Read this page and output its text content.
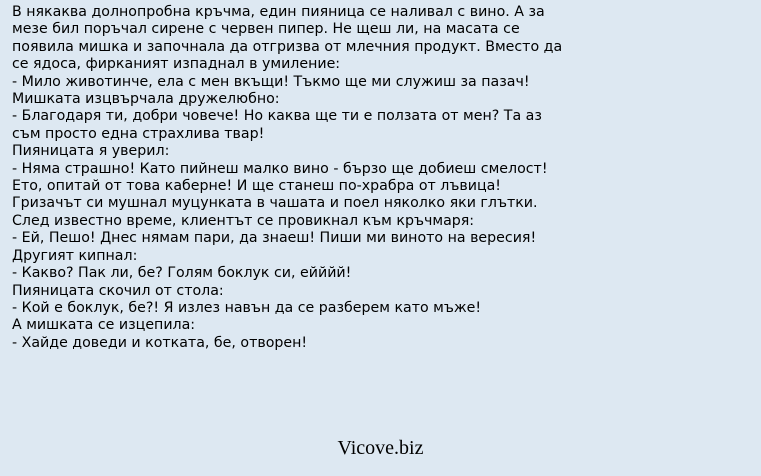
В някаква долнопробна кръчма, един пияница се наливал с вино. А за
мезе бил поръчал сирене с червен пипер. Не щеш ли, на масата се
появила мишка и започнала да отгризва от млечния продукт. Вместо да
се ядоса, фирканият изпаднал в умиление:
- Мило животинче, ела с мен вкъщи! Тъкмо ще ми служиш за пазач!
Мишката изцвърчала дружелюбно:
- Благодаря ти, добри човече! Но каква ще ти е ползата от мен? Та аз
съм просто една страхлива твар!
Пияницата я уверил:
- Няма страшно! Като пийнеш малко вино - бързо ще добиеш смелост!
Ето, опитай от това каберне! И ще станеш по-храбра от лъвица!
Гризачът си мушнал муцунката в чашата и поел няколко яки глътки.
След известно време, клиентът се провикнал към кръчмаря:
- Ей, Пешо! Днес нямам пари, да знаеш! Пиши ми виното на вересия!
Другият кипнал:
- Какво? Пак ли, бе? Голям боклук си, ейййй!
Пияницата скочил от стола:
- Кой е боклук, бе?! Я излез навън да се разберем като мъже!
А мишката се изцепила:
- Хайде доведи и котката, бе, отворен!
Vicove.biz
